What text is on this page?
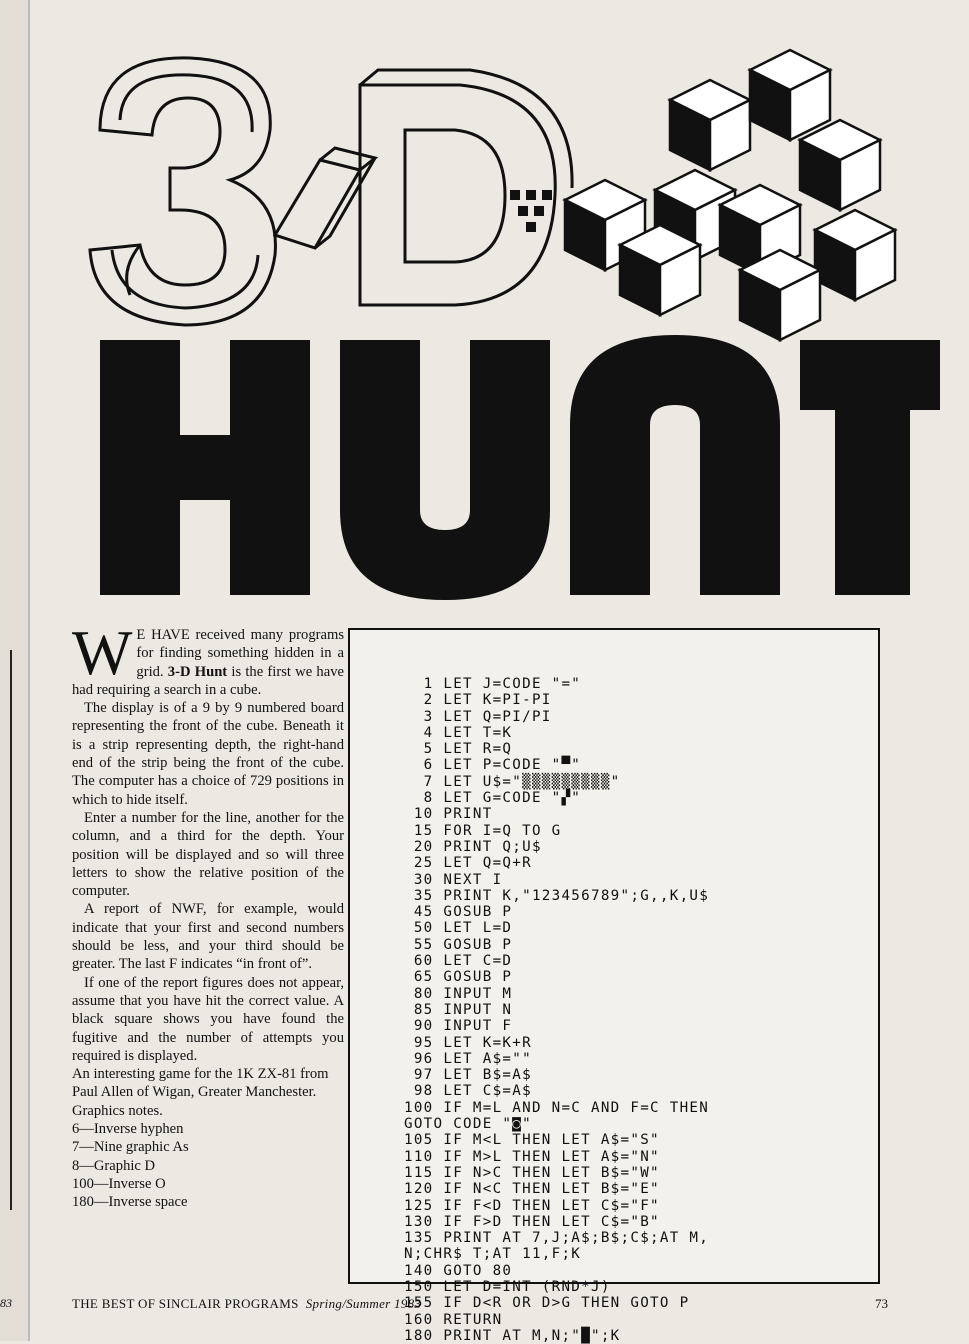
83

W E HAVE received many programs for finding something hidden in a grid. 3-D Hunt is the first we have had requiring a search in a cube.

The display is of a 9 by 9 numbered board representing the front of the cube. Beneath it is a strip representing depth, the right-hand end of the strip being the front of the cube. The computer has a choice of 729 positions in which to hide itself.

Enter a number for the line, another for the column, and a third for the depth. Your position will be displayed and so will three letters to show the relative position of the computer.

A report of NWF, for example, would indicate that your first and second numbers should be less, and your third should be greater. The last F indicates “in front of”.

If one of the report figures does not appear, assume that you have hit the correct value. A black square shows you have found the fugitive and the number of attempts you required is displayed.

An interesting game for the 1K ZX-81 from Paul Allen of Wigan, Greater Manchester. Graphics notes.

6—Inverse hyphen
7—Nine graphic As
8—Graphic D
100—Inverse O
180—Inverse space
1 LET J=CODE "="
2 LET K=PI-PI
3 LET Q=PI/PI
4 LET T=K
5 LET R=Q
6 LET P=CODE "▀"
7 LET U$="▒▒▒▒▒▒▒▒▒"
8 LET G=CODE "▞"
10 PRINT
15 FOR I=Q TO G
20 PRINT Q;U$
25 LET Q=Q+R
30 NEXT I
35 PRINT K,"123456789";G,,K,U$
45 GOSUB P
50 LET L=D
55 GOSUB P
60 LET C=D
65 GOSUB P
80 INPUT M
85 INPUT N
90 INPUT F
95 LET K=K+R
96 LET A$=""
97 LET B$=A$
98 LET C$=A$
100 IF M=L AND N=C AND F=C THEN
GOTO CODE "◙"
105 IF M<L THEN LET A$="S"
110 IF M>L THEN LET A$="N"
115 IF N>C THEN LET B$="W"
120 IF N<C THEN LET B$="E"
125 IF F<D THEN LET C$="F"
130 IF F>D THEN LET C$="B"
135 PRINT AT 7,J;A$;B$;C$;AT M,
N;CHR$ T;AT 11,F;K
140 GOTO 80
150 LET D=INT (RND*J)
155 IF D<R OR D>G THEN GOTO P
160 RETURN
180 PRINT AT M,N;"█";K
THE BEST OF SINCLAIR PROGRAMS Spring/Summer 1983	73
